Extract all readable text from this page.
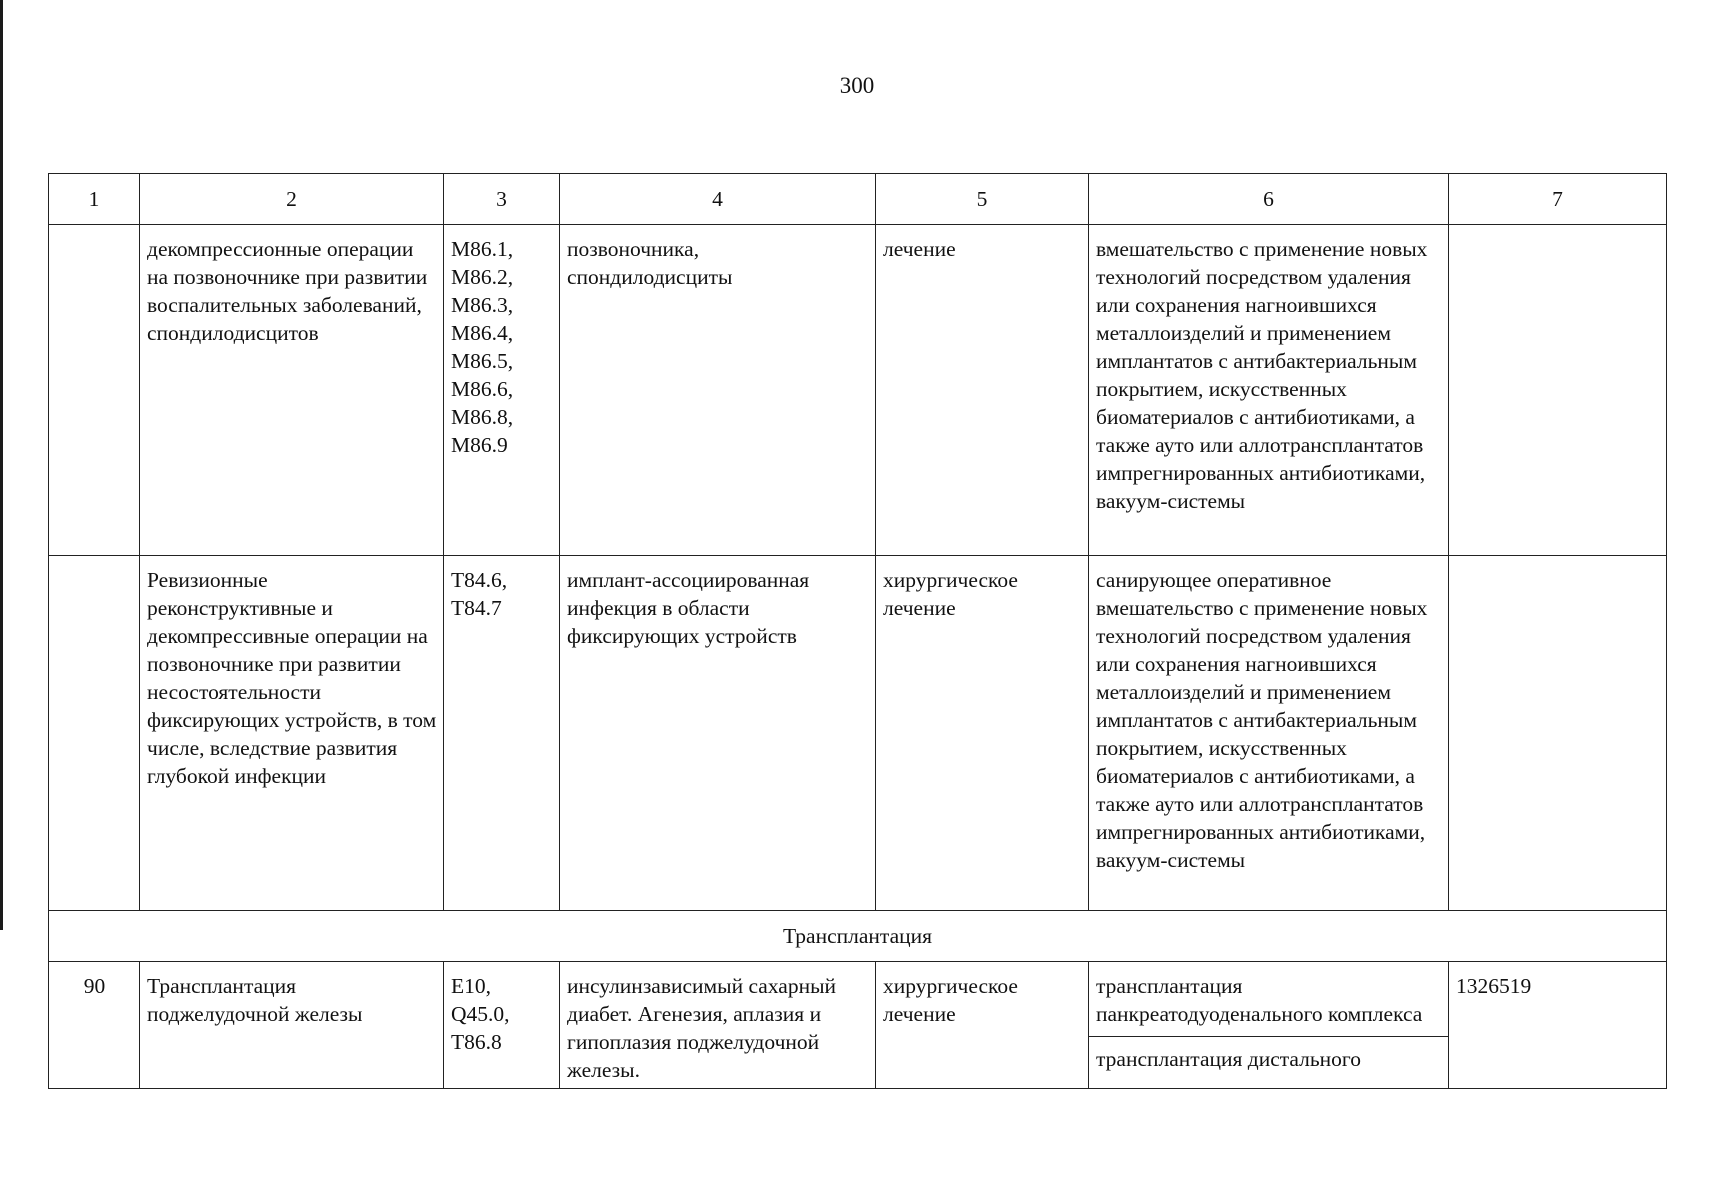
300
1	2	3	4	5	6	7
	декомпрессионные операции на позвоночнике при развитии воспалительных заболеваний, спондилодисцитов	M86.1, M86.2, M86.3, M86.4, M86.5, M86.6, M86.8, M86.9	позвоночника, спондилодисциты	лечение	вмешательство с применение новых технологий посредством удаления или сохранения нагноившихся металлоизделий и применением имплантатов с антибактериальным покрытием, искусственных биоматериалов с антибиотиками, а также ауто или аллотрансплантатов импрегнированных антибиотиками, вакуум-системы	
	Ревизионные реконструктивные и декомпрессивные операции на позвоночнике при развитии несостоятельности фиксирующих устройств, в том числе, вследствие развития глубокой инфекции	T84.6, T84.7	имплант-ассоциированная инфекция в области фиксирующих устройств	хирургическое лечение	санирующее оперативное вмешательство с применение новых технологий посредством удаления или сохранения нагноившихся металлоизделий и применением имплантатов с антибактериальным покрытием, искусственных биоматериалов с антибиотиками, а также ауто или аллотрансплантатов импрегнированных антибиотиками, вакуум-системы	
Трансплантация						
90	Трансплантация поджелудочной железы	E10, Q45.0, T86.8	инсулинзависимый сахарный диабет. Агенезия, аплазия и гипоплазия поджелудочной железы.	хирургическое лечение	трансплантация панкреатодуоденального комплекса	1326519
					трансплантация дистального	
